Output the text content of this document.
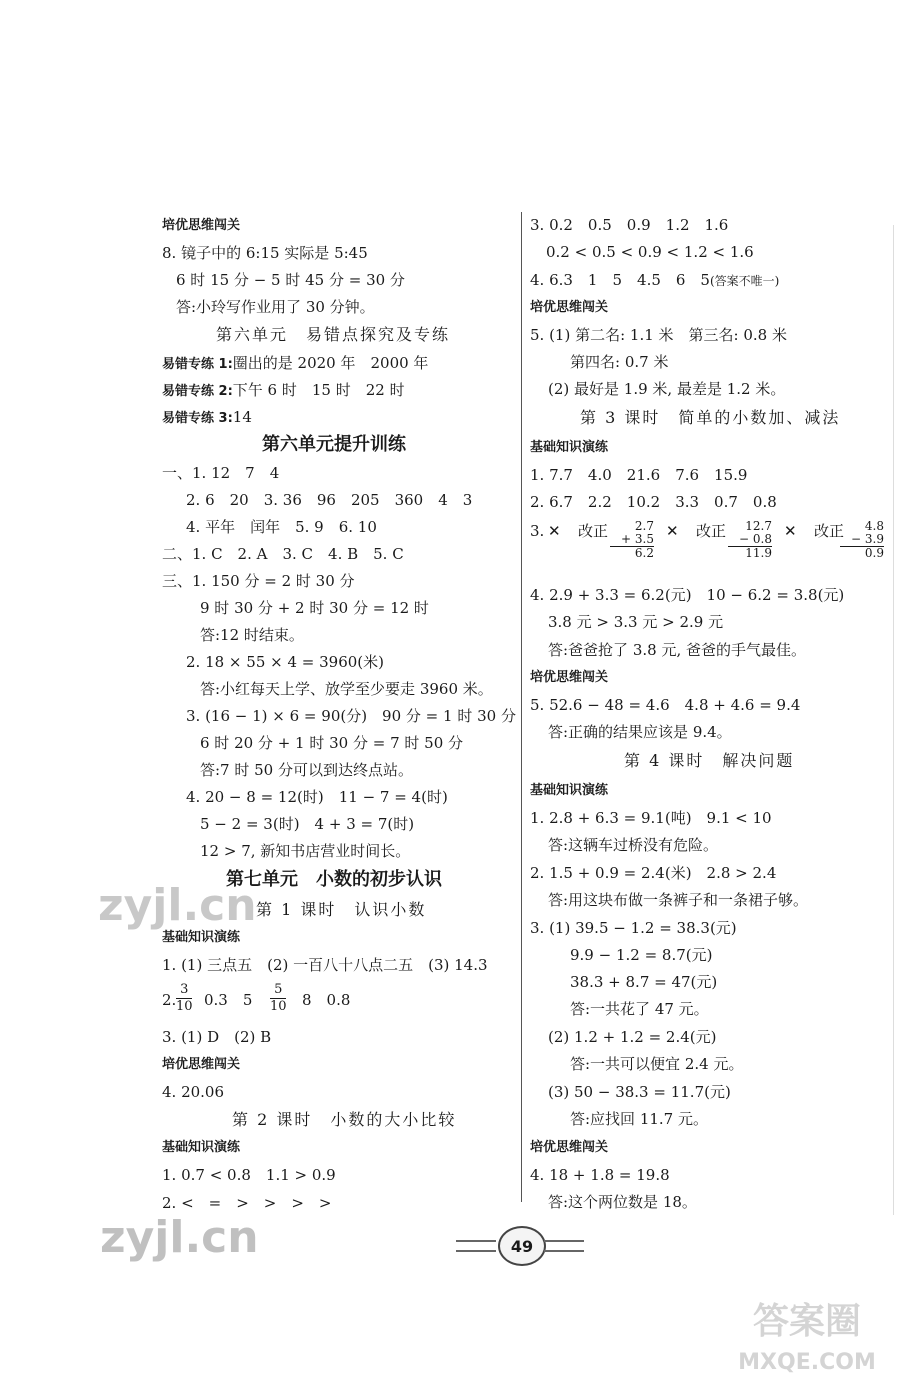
培优思维闯关
8. 镜子中的 6:15 实际是 5:45
6 时 15 分 − 5 时 45 分 = 30 分
答:小玲写作业用了 30 分钟。
第六单元　易错点探究及专练
易错专练 1:圈出的是 2020 年　2000 年
易错专练 2:下午 6 时　15 时　22 时
易错专练 3:14
第六单元提升训练
一、1. 12　7　4
2. 6　20　3. 36　96　205　360　4　3
4. 平年　闰年　5. 9　6. 10
二、1. C　2. A　3. C　4. B　5. C
三、1. 150 分 = 2 时 30 分
9 时 30 分 + 2 时 30 分 = 12 时
答:12 时结束。
2. 18 × 55 × 4 = 3960(米)
答:小红每天上学、放学至少要走 3960 米。
3. (16 − 1) × 6 = 90(分)　90 分 = 1 时 30 分
6 时 20 分 + 1 时 30 分 = 7 时 50 分
答:7 时 50 分可以到达终点站。
4. 20 − 8 = 12(时)　11 − 7 = 4(时)
5 − 2 = 3(时)　4 + 3 = 7(时)
12 > 7, 新知书店营业时间长。
第七单元　小数的初步认识
第 1 课时　认识小数
基础知识演练
1. (1) 三点五　(2) 一百八十八点二五　(3) 14.3
2.
3
10 0.3　5
5
10 8　0.8
3. (1) D　(2) B
培优思维闯关
4. 20.06
第 2 课时　小数的大小比较
基础知识演练
1. 0.7 < 0.8　1.1 > 0.9
2. <　=　>　>　>　>
3. 0.2　0.5　0.9　1.2　1.6
0.2 < 0.5 < 0.9 < 1.2 < 1.6
4. 6.3　1　5　4.5　6　5(答案不唯一)
培优思维闯关
5. (1) 第二名: 1.1 米　第三名: 0.8 米
第四名: 0.7 米
(2) 最好是 1.9 米, 最差是 1.2 米。
第 3 课时　简单的小数加、减法
基础知识演练
1. 7.7　4.0　21.6　7.6　15.9
2. 6.7　2.2　10.2　3.3　0.7　0.8
3. ✕ 改正	2.7
+ 3.5
6.2
✕ 改正	12.7
− 0.8
11.9
✕ 改正	4.8
− 3.9
0.9
4. 2.9 + 3.3 = 6.2(元)　10 − 6.2 = 3.8(元)
3.8 元 > 3.3 元 > 2.9 元
答:爸爸抢了 3.8 元, 爸爸的手气最佳。
培优思维闯关
5. 52.6 − 48 = 4.6　4.8 + 4.6 = 9.4
答:正确的结果应该是 9.4。
第 4 课时　解决问题
基础知识演练
1. 2.8 + 6.3 = 9.1(吨)　9.1 < 10
答:这辆车过桥没有危险。
2. 1.5 + 0.9 = 2.4(米)　2.8 > 2.4
答:用这块布做一条裤子和一条裙子够。
3. (1) 39.5 − 1.2 = 38.3(元)
9.9 − 1.2 = 8.7(元)
38.3 + 8.7 = 47(元)
答:一共花了 47 元。
(2) 1.2 + 1.2 = 2.4(元)
答:一共可以便宜 2.4 元。
(3) 50 − 38.3 = 11.7(元)
答:应找回 11.7 元。
培优思维闯关
4. 18 + 1.8 = 19.8
答:这个两位数是 18。
zyjl.cn
zyjl.cn	49
答案圈
MXQE.COM
